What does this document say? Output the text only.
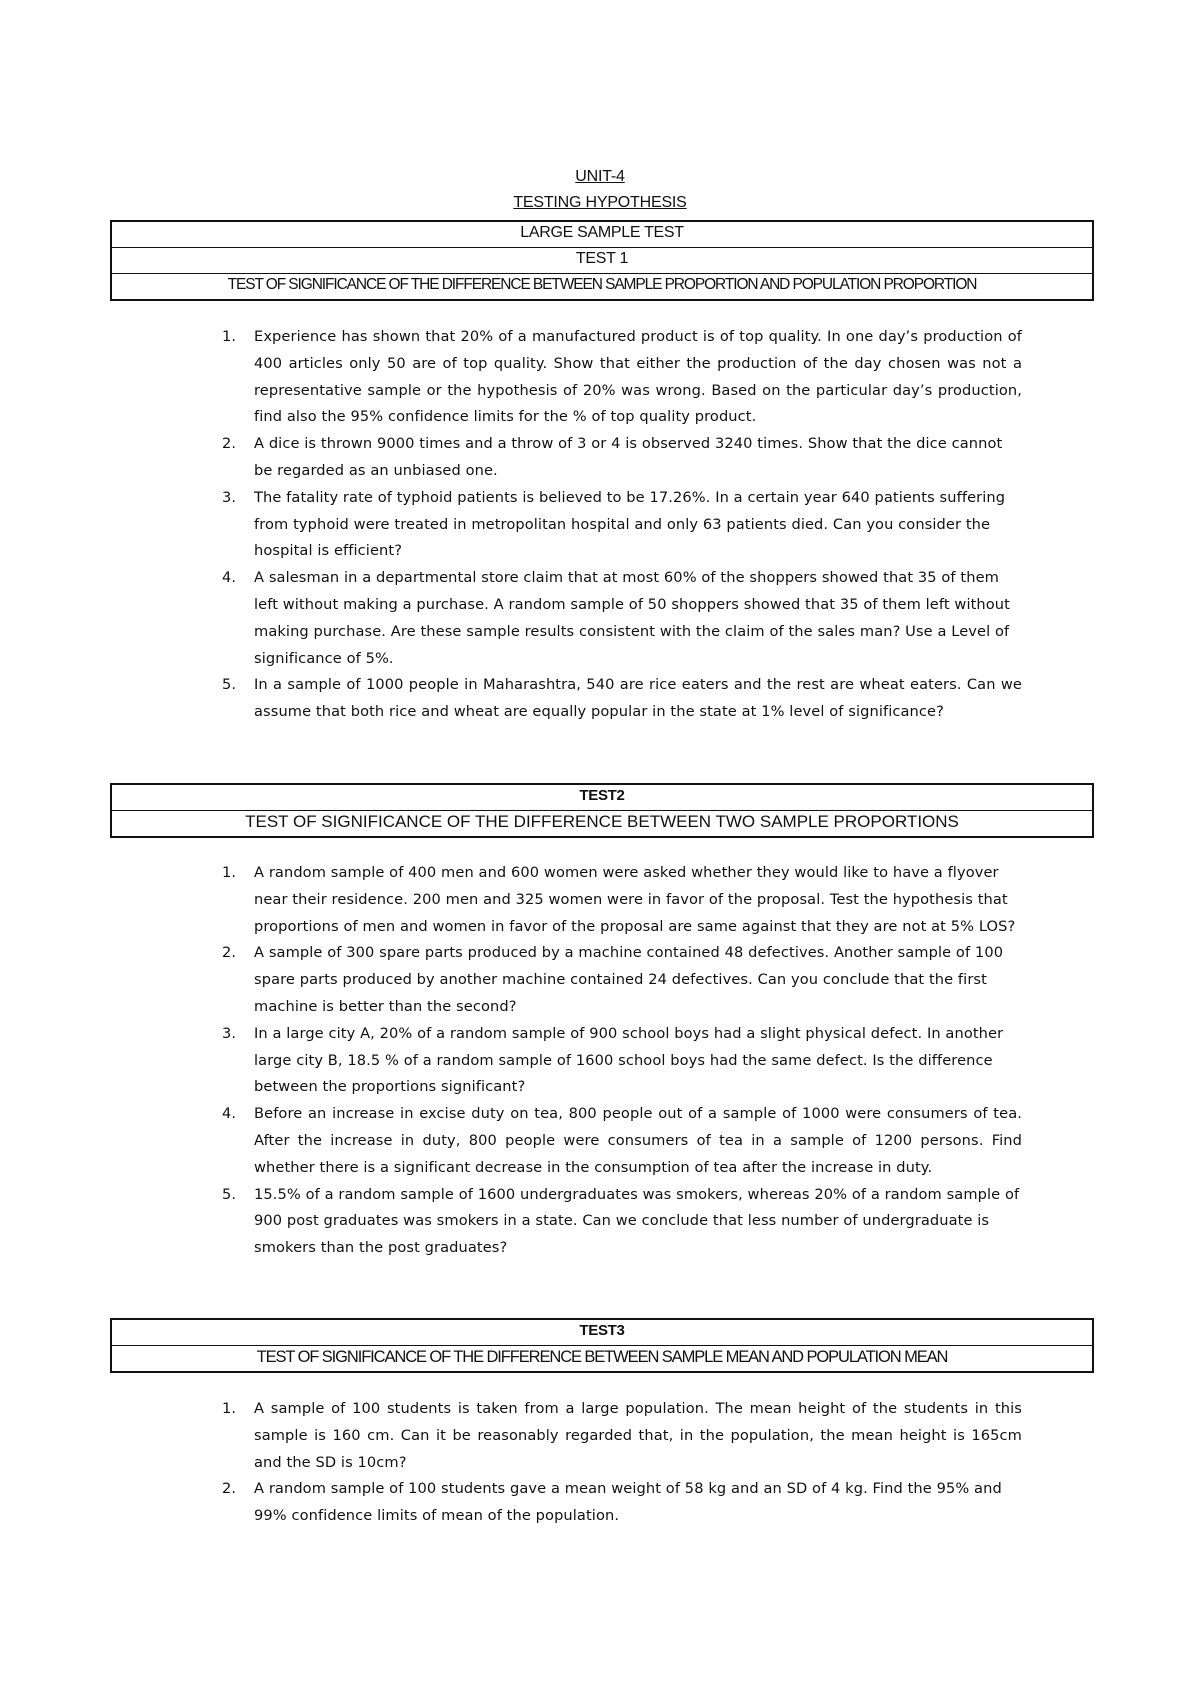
UNIT-4
TESTING HYPOTHESIS
LARGE SAMPLE TEST
TEST 1
TEST OF SIGNIFICANCE OF THE DIFFERENCE BETWEEN SAMPLE PROPORTION AND POPULATION PROPORTION
1. Experience has shown that 20% of a manufactured product is of top quality. In one day’s production of 400 articles only 50 are of top quality. Show that either the production of the day chosen was not a representative sample or the hypothesis of 20% was wrong. Based on the particular day’s production, find also the 95% confidence limits for the % of top quality product.
2. A dice is thrown 9000 times and a throw of 3 or 4 is observed 3240 times. Show that the dice cannot be regarded as an unbiased one.
3. The fatality rate of typhoid patients is believed to be 17.26%. In a certain year 640 patients suffering from typhoid were treated in metropolitan hospital and only 63 patients died. Can you consider the hospital is efficient?
4. A salesman in a departmental store claim that at most 60% of the shoppers showed that 35 of them left without making a purchase. A random sample of 50 shoppers showed that 35 of them left without making purchase. Are these sample results consistent with the claim of the sales man? Use a Level of significance of 5%.
5. In a sample of 1000 people in Maharashtra, 540 are rice eaters and the rest are wheat eaters. Can we assume that both rice and wheat are equally popular in the state at 1% level of significance?
TEST2
TEST OF SIGNIFICANCE OF THE DIFFERENCE BETWEEN TWO SAMPLE PROPORTIONS
1. A random sample of 400 men and 600 women were asked whether they would like to have a flyover near their residence. 200 men and 325 women were in favor of the proposal. Test the hypothesis that proportions of men and women in favor of the proposal are same against that they are not at 5% LOS?
2. A sample of 300 spare parts produced by a machine contained 48 defectives. Another sample of 100 spare parts produced by another machine contained 24 defectives. Can you conclude that the first machine is better than the second?
3. In a large city A, 20% of a random sample of 900 school boys had a slight physical defect. In another large city B, 18.5 % of a random sample of 1600 school boys had the same defect. Is the difference between the proportions significant?
4. Before an increase in excise duty on tea, 800 people out of a sample of 1000 were consumers of tea. After the increase in duty, 800 people were consumers of tea in a sample of 1200 persons. Find whether there is a significant decrease in the consumption of tea after the increase in duty.
5. 15.5% of a random sample of 1600 undergraduates was smokers, whereas 20% of a random sample of 900 post graduates was smokers in a state. Can we conclude that less number of undergraduate is smokers than the post graduates?
TEST3
TEST OF SIGNIFICANCE OF THE DIFFERENCE BETWEEN SAMPLE MEAN AND POPULATION MEAN
1. A sample of 100 students is taken from a large population. The mean height of the students in this sample is 160 cm. Can it be reasonably regarded that, in the population, the mean height is 165cm and the SD is 10cm?
2. A random sample of 100 students gave a mean weight of 58 kg and an SD of 4 kg. Find the 95% and 99% confidence limits of mean of the population.
